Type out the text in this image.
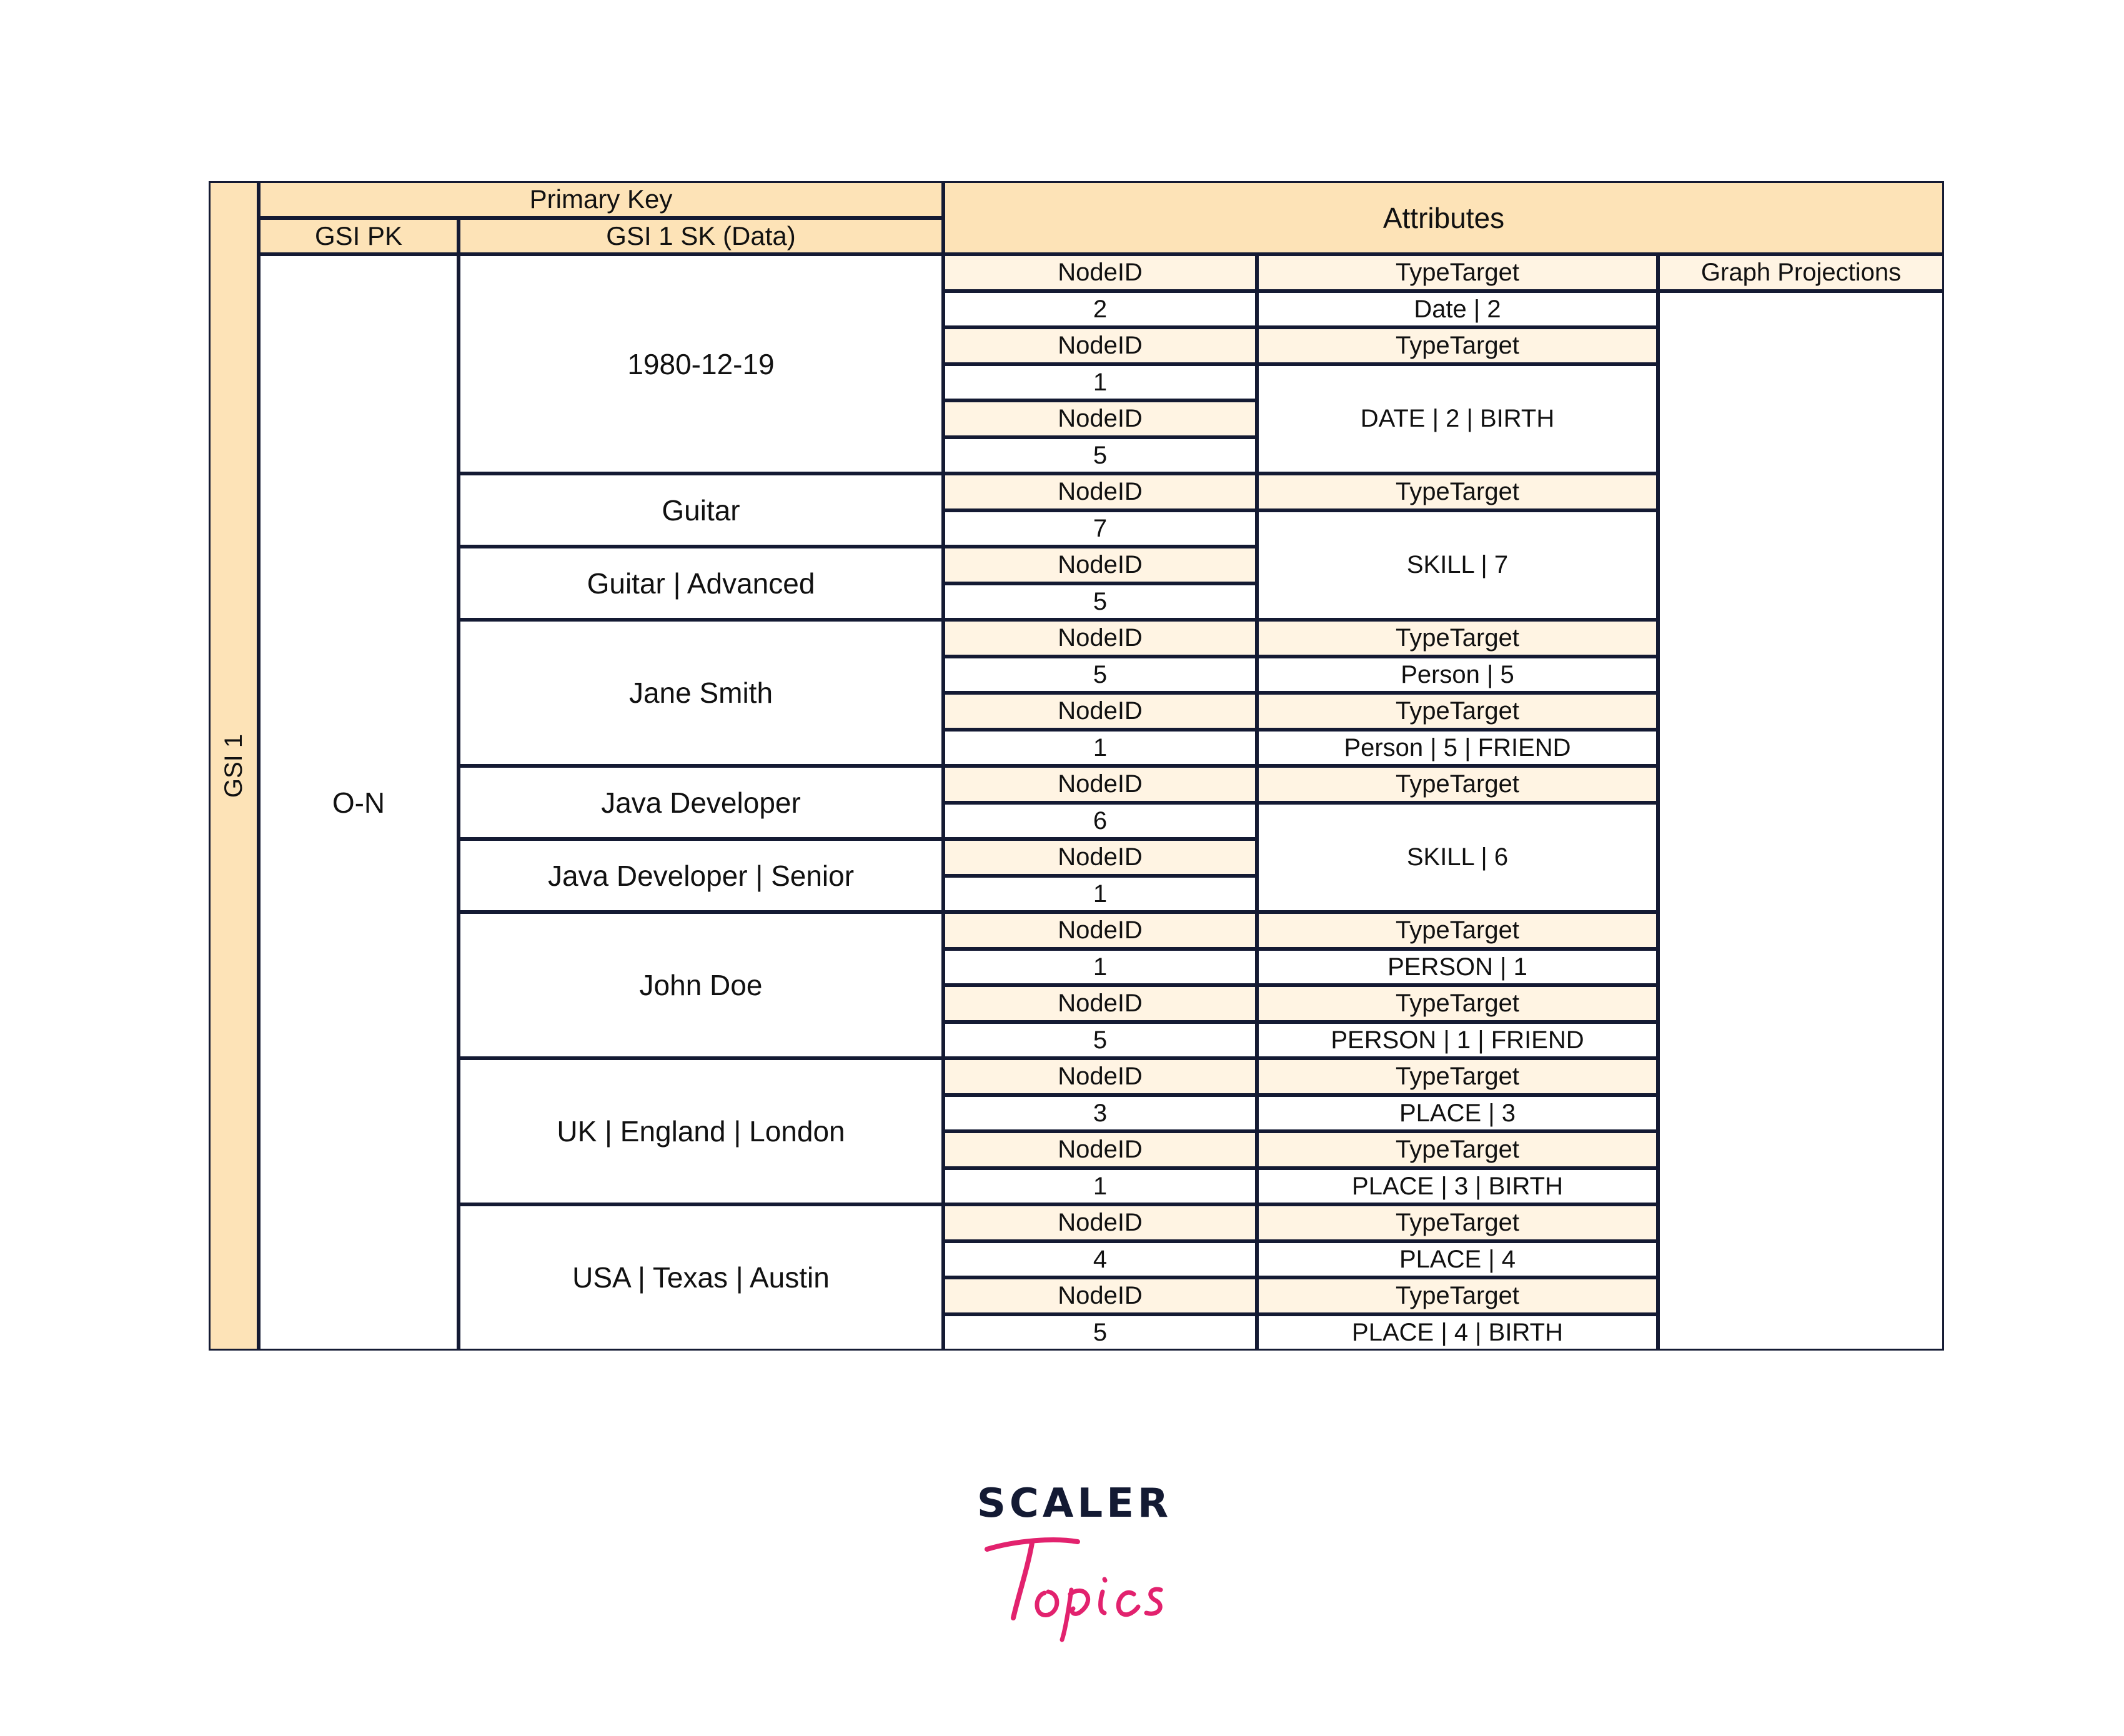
GSI 1
Primary Key
GSI PK	GSI 1 SK (Data)
Attributes
Graph Projections
O-N
1980-12-19
Guitar
Guitar | Advanced
Jane Smith
Java Developer
Java Developer | Senior
John Doe
UK | England | London
USA | Texas | Austin
NodeID
2
NodeID
1
NodeID
5
NodeID
7
NodeID
5
NodeID
5
NodeID
1
NodeID
6
NodeID
1
NodeID
1
NodeID
5
NodeID
3
NodeID
1
NodeID
4
NodeID
5
TypeTarget
Date | 2
TypeTarget
DATE | 2 | BIRTH
TypeTarget
SKILL | 7
TypeTarget
Person | 5
TypeTarget
Person | 5 | FRIEND
TypeTarget
SKILL | 6
TypeTarget
PERSON | 1
TypeTarget
PERSON | 1 | FRIEND
TypeTarget
PLACE | 3
TypeTarget
PLACE | 3 | BIRTH
TypeTarget
PLACE | 4
TypeTarget
PLACE | 4 | BIRTH
SCALER
